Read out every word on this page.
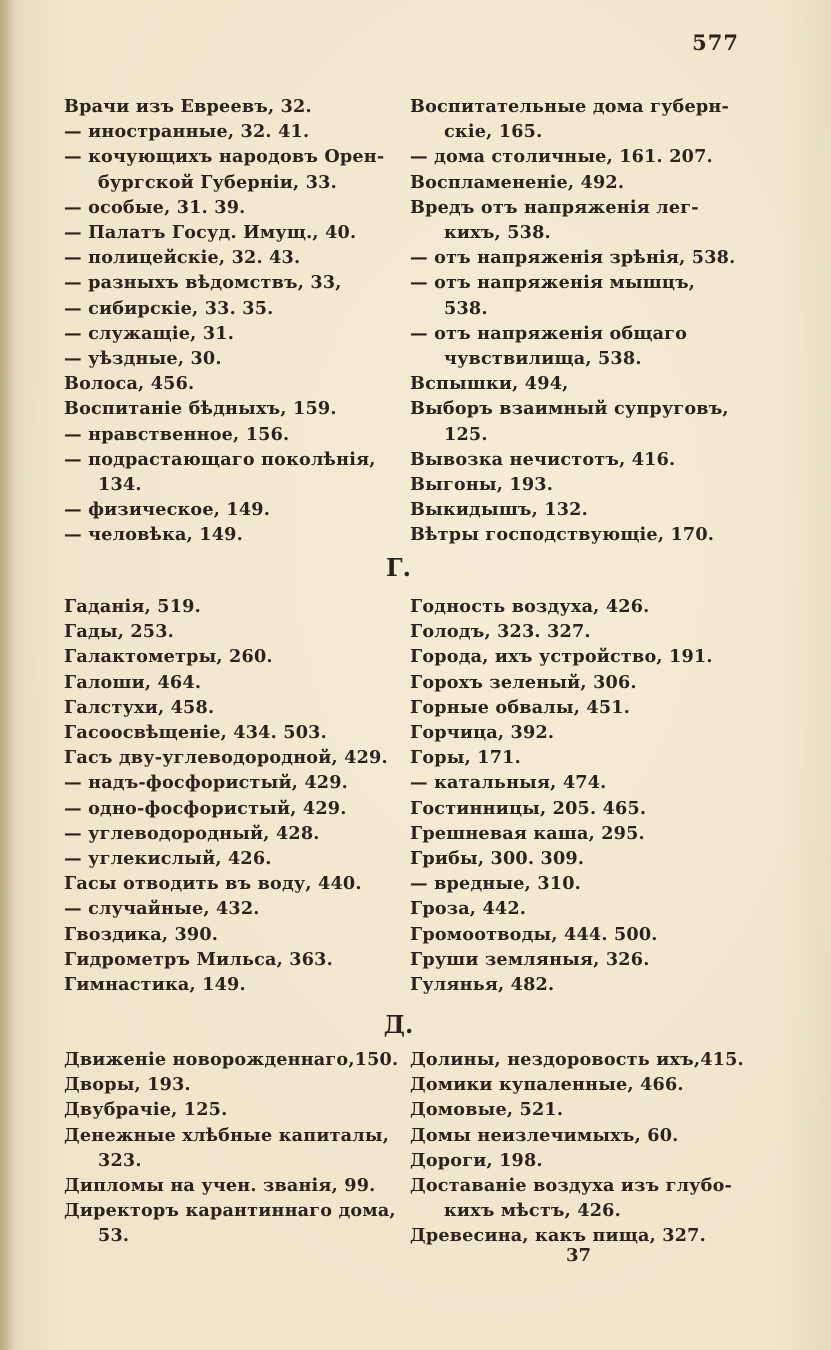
577
Врачи изъ Евреевъ, 32.
— иностранные, 32. 41.
— кочующихъ народовъ Орен-
бургской Губерніи, 33.
— особые, 31. 39.
— Палатъ Госуд. Имущ., 40.
— полицейскіе, 32. 43.
— разныхъ вѣдомствъ, 33,
— сибирскіе, 33. 35.
— служащіе, 31.
— уѣздные, 30.
Волоса, 456.
Воспитаніе бѣдныхъ, 159.
— нравственное, 156.
— подрастающаго поколѣнія,
134.
— физическое, 149.
— человѣка, 149.
Воспитательные дома губерн-
скіе, 165.
— дома столичные, 161. 207.
Воспламененіе, 492.
Вредъ отъ напряженія лег-
кихъ, 538.
— отъ напряженія зрѣнія, 538.
— отъ напряженія мышцъ,
538.
— отъ напряженія общаго
чувствилища, 538.
Вспышки, 494,
Выборъ взаимный супруговъ,
125.
Вывозка нечистотъ, 416.
Выгоны, 193.
Выкидышъ, 132.
Вѣтры господствующіе, 170.
Г.
Гаданія, 519.
Гады, 253.
Галактометры, 260.
Галоши, 464.
Галстухи, 458.
Гасоосвѣщеніе, 434. 503.
Гасъ дву-углеводородной, 429.
— надъ-фосфористый, 429.
— одно-фосфористый, 429.
— углеводородный, 428.
— углекислый, 426.
Гасы отводить въ воду, 440.
— случайные, 432.
Гвоздика, 390.
Гидрометръ Мильса, 363.
Гимнастика, 149.
Годность воздуха, 426.
Голодъ, 323. 327.
Города, ихъ устройство, 191.
Горохъ зеленый, 306.
Горные обвалы, 451.
Горчица, 392.
Горы, 171.
— катальныя, 474.
Гостинницы, 205. 465.
Грешневая каша, 295.
Грибы, 300. 309.
— вредные, 310.
Гроза, 442.
Громоотводы, 444. 500.
Груши земляныя, 326.
Гулянья, 482.
Д.
Движеніе новорожденнаго,150.
Дворы, 193.
Двубрачіе, 125.
Денежные хлѣбные капиталы,
323.
Дипломы на учен. званія, 99.
Директоръ карантиннаго дома,
53.
Долины, нездоровость ихъ,415.
Домики купаленные, 466.
Домовые, 521.
Домы неизлечимыхъ, 60.
Дороги, 198.
Доставаніе воздуха изъ глубо-
кихъ мѣстъ, 426.
Древесина, какъ пища, 327.
37
